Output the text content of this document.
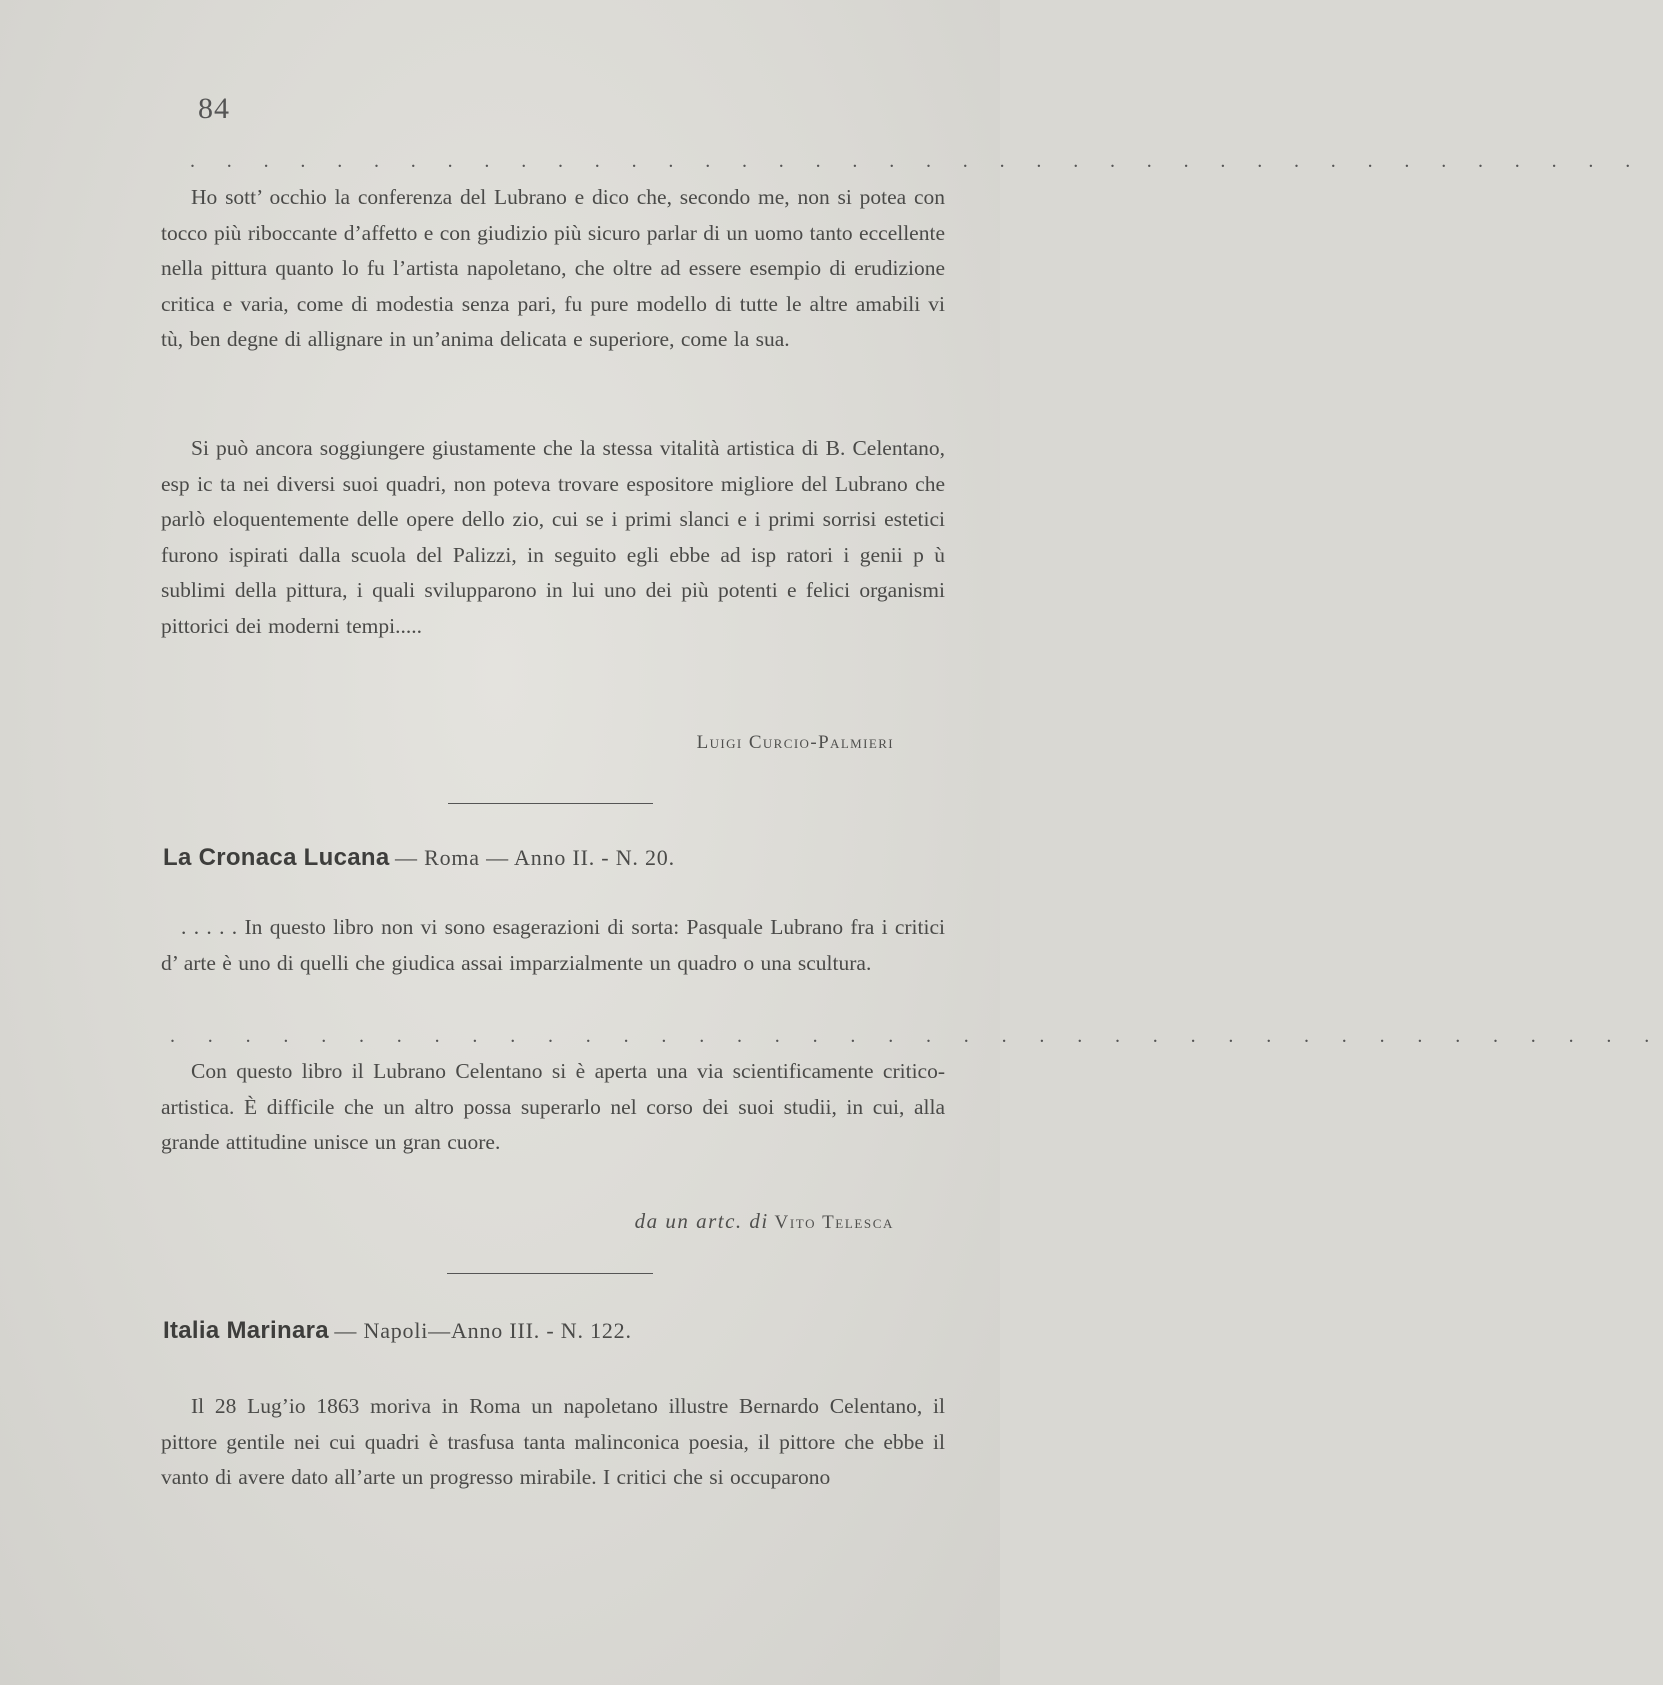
84
. . . . . . . . . . . . . . . . . . . . . . . . . . . . . . . . . . . . . . . .

Ho sott’ occhio la conferenza del Lubrano e dico che, secondo me, non si potea con tocco più riboccante d’affetto e con giudizio più sicuro parlar di un uomo tanto eccellente nella pittura quanto lo fu l’artista napoletano, che oltre ad essere esempio di erudizione critica e varia, come di modestia senza pari, fu pure modello di tutte le altre amabili vi tù, ben degne di allignare in un’anima delicata e superiore, come la sua.

Si può ancora soggiungere giustamente che la stessa vitalità artistica di B. Celentano, esp ic ta nei diversi suoi quadri, non poteva trovare espositore migliore del Lubrano che parlò eloquentemente delle opere dello zio, cui se i primi slanci e i primi sorrisi estetici furono ispirati dalla scuola del Palizzi, in seguito egli ebbe ad isp ratori i genii p ù sublimi della pittura, i quali svilupparono in lui uno dei più potenti e felici organismi pittorici dei moderni tempi.....

Luigi Curcio-Palmieri
La Cronaca Lucana — Roma — Anno II. - N. 20.

. . . . . In questo libro non vi sono esagerazioni di sorta: Pasquale Lubrano fra i critici d’ arte è uno di quelli che giudica assai imparzialmente un quadro o una scultura.

. . . . . . . . . . . . . . . . . . . . . . . . . . . . . . . . . . . . . . . .

Con questo libro il Lubrano Celentano si è aperta una via scientificamente critico-artistica. È difficile che un altro possa superarlo nel corso dei suoi studii, in cui, alla grande attitudine unisce un gran cuore.

da un artc. di Vito Telesca
Italia Marinara — Napoli—Anno III. - N. 122.

Il 28 Lug’io 1863 moriva in Roma un napoletano illustre Bernardo Celentano, il pittore gentile nei cui quadri è trasfusa tanta malinconica poesia, il pittore che ebbe il vanto di avere dato all’arte un progresso mirabile. I critici che si occuparono
